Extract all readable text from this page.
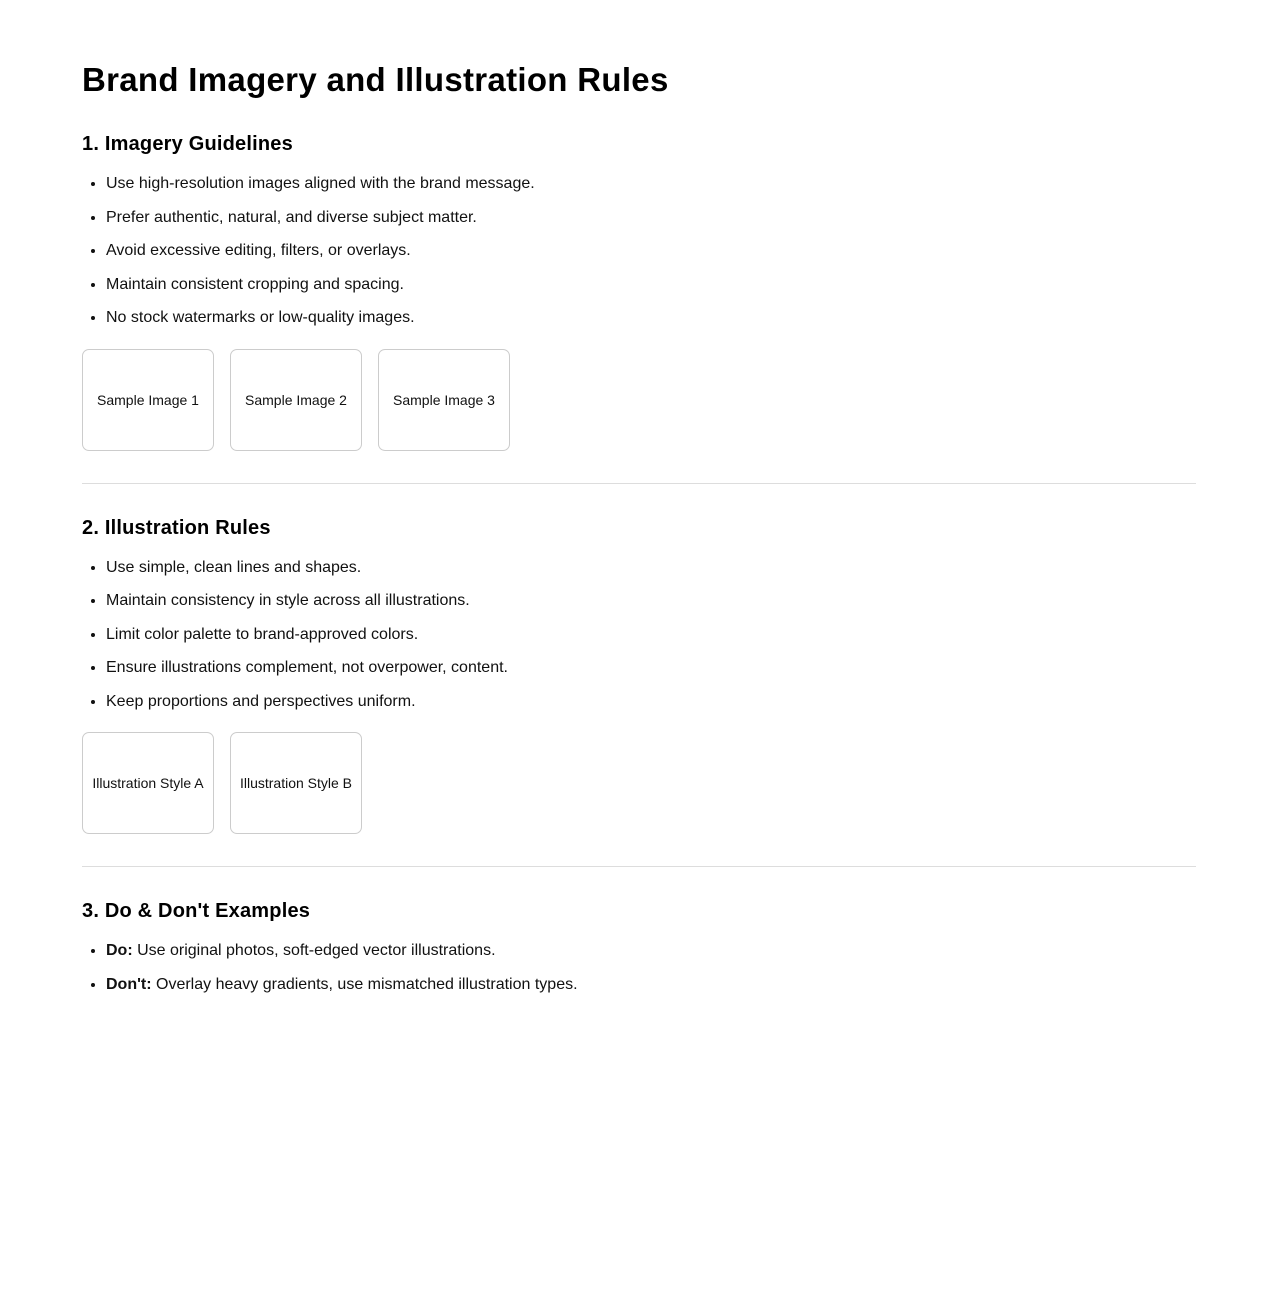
Brand Imagery and Illustration Rules
1. Imagery Guidelines
• Use high-resolution images aligned with the brand message.
• Prefer authentic, natural, and diverse subject matter.
• Avoid excessive editing, filters, or overlays.
• Maintain consistent cropping and spacing.
• No stock watermarks or low-quality images.
Sample Image 1	Sample Image 2	Sample Image 3
2. Illustration Rules
• Use simple, clean lines and shapes.
• Maintain consistency in style across all illustrations.
• Limit color palette to brand-approved colors.
• Ensure illustrations complement, not overpower, content.
• Keep proportions and perspectives uniform.
Illustration Style A	Illustration Style B
3. Do & Don't Examples
• Do: Use original photos, soft-edged vector illustrations.
• Don't: Overlay heavy gradients, use mismatched illustration types.
